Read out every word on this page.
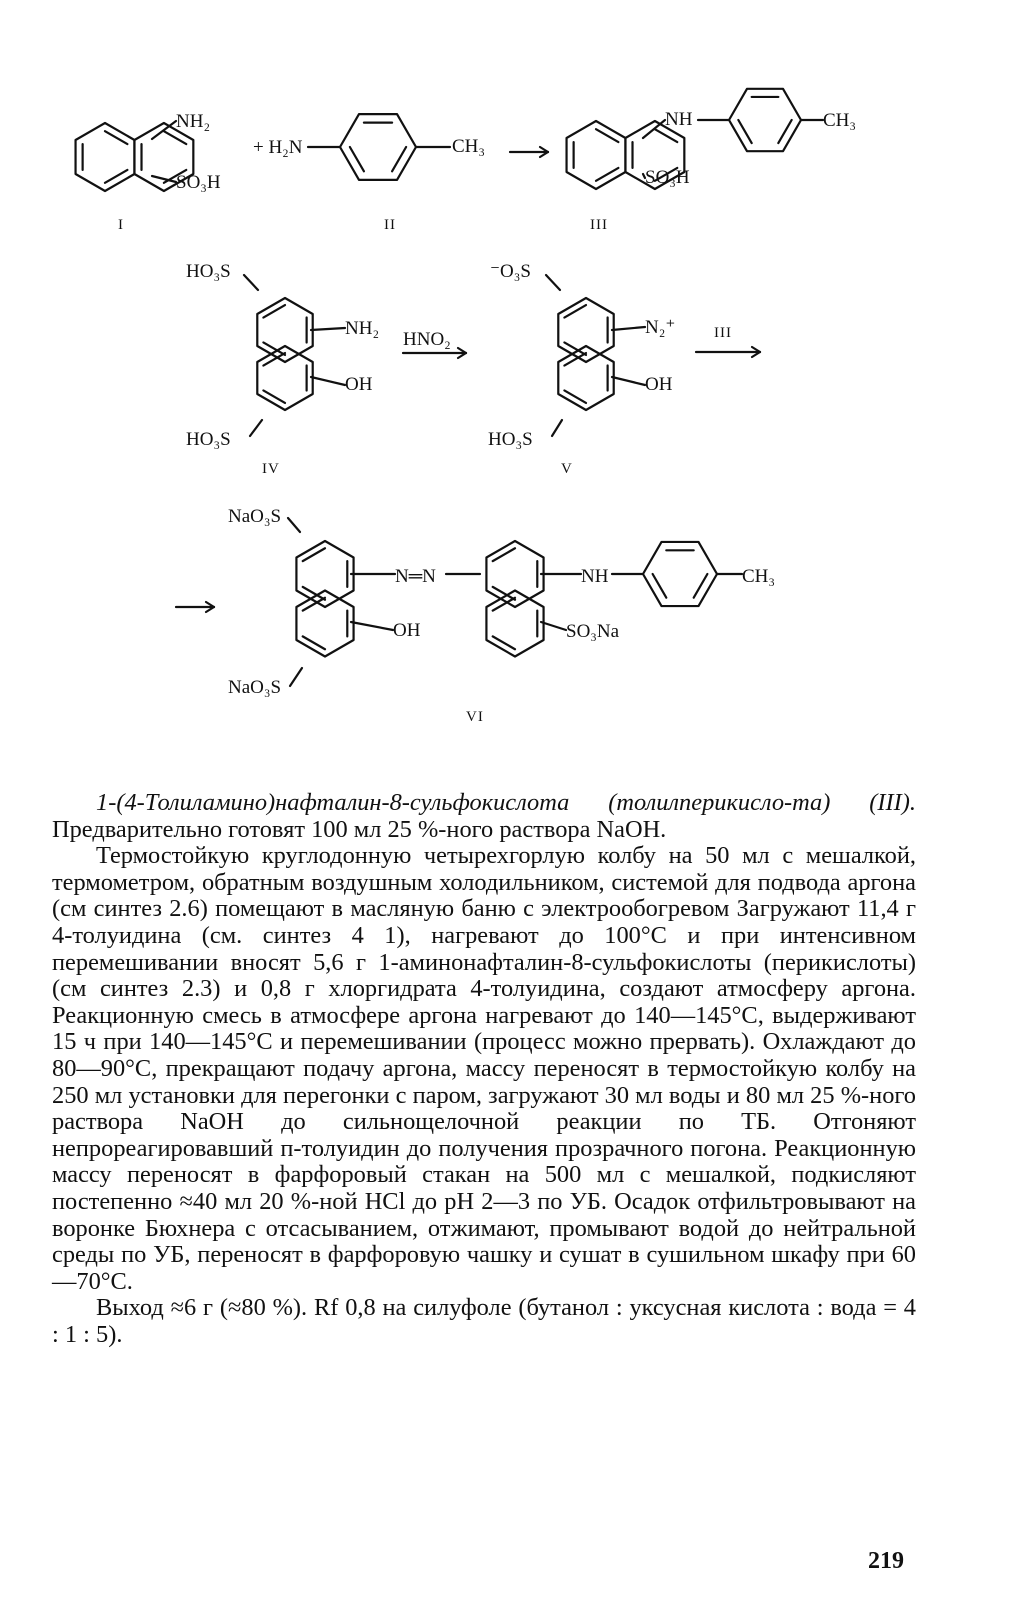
NH₂
SO₃H
+ H₂N	CH₃
NH	CH₃
SO₃H
I	II	III
HO₃S
NH₂
OH
HO₃S
IV
HNO₂
⁻O₃S
N₂⁺
OH
HO₃S
V
III
NaO₃S
N═N	NH	CH₃
OH	SO₃Na
NaO₃S
VI

1-(4-Толиламино)нафталин-8-сульфокислота (толилперикисло-та) (III). Предварительно готовят 100 мл 25 %-ного раствора NaOH.

Термостойкую круглодонную четырехгорлую колбу на 50 мл с мешалкой, термометром, обратным воздушным холодильником, системой для подвода аргона (см синтез 2.6) помещают в масляную баню с электрообогревом Загружают 11,4 г 4-толуидина (см. синтез 4 1), нагревают до 100°С и при интенсивном перемешивании вносят 5,6 г 1-аминонафталин-8-сульфокислоты (перикислоты) (см синтез 2.3) и 0,8 г хлоргидрата 4-толуидина, создают атмосферу аргона. Реакционную смесь в атмосфере аргона нагревают до 140—145°С, выдерживают 15 ч при 140—145°С и перемешивании (процесс можно прервать). Охлаждают до 80—90°С, прекращают подачу аргона, массу переносят в термостойкую колбу на 250 мл установки для перегонки с паром, загружают 30 мл воды и 80 мл 25 %-ного раствора NaOH до сильнощелочной реакции по ТБ. Отгоняют непрореагировавший п-толуидин до получения прозрачного погона. Реакционную массу переносят в фарфоровый стакан на 500 мл с мешалкой, подкисляют постепенно ≈40 мл 20 %-ной HCl до pH 2—3 по УБ. Осадок отфильтровывают на воронке Бюхнера с отсасыванием, отжимают, промывают водой до нейтральной среды по УБ, переносят в фарфоровую чашку и сушат в сушильном шкафу при 60—70°С.

Выход ≈6 г (≈80 %). Rf 0,8 на силуфоле (бутанол : уксусная кислота : вода = 4 : 1 : 5).

219
